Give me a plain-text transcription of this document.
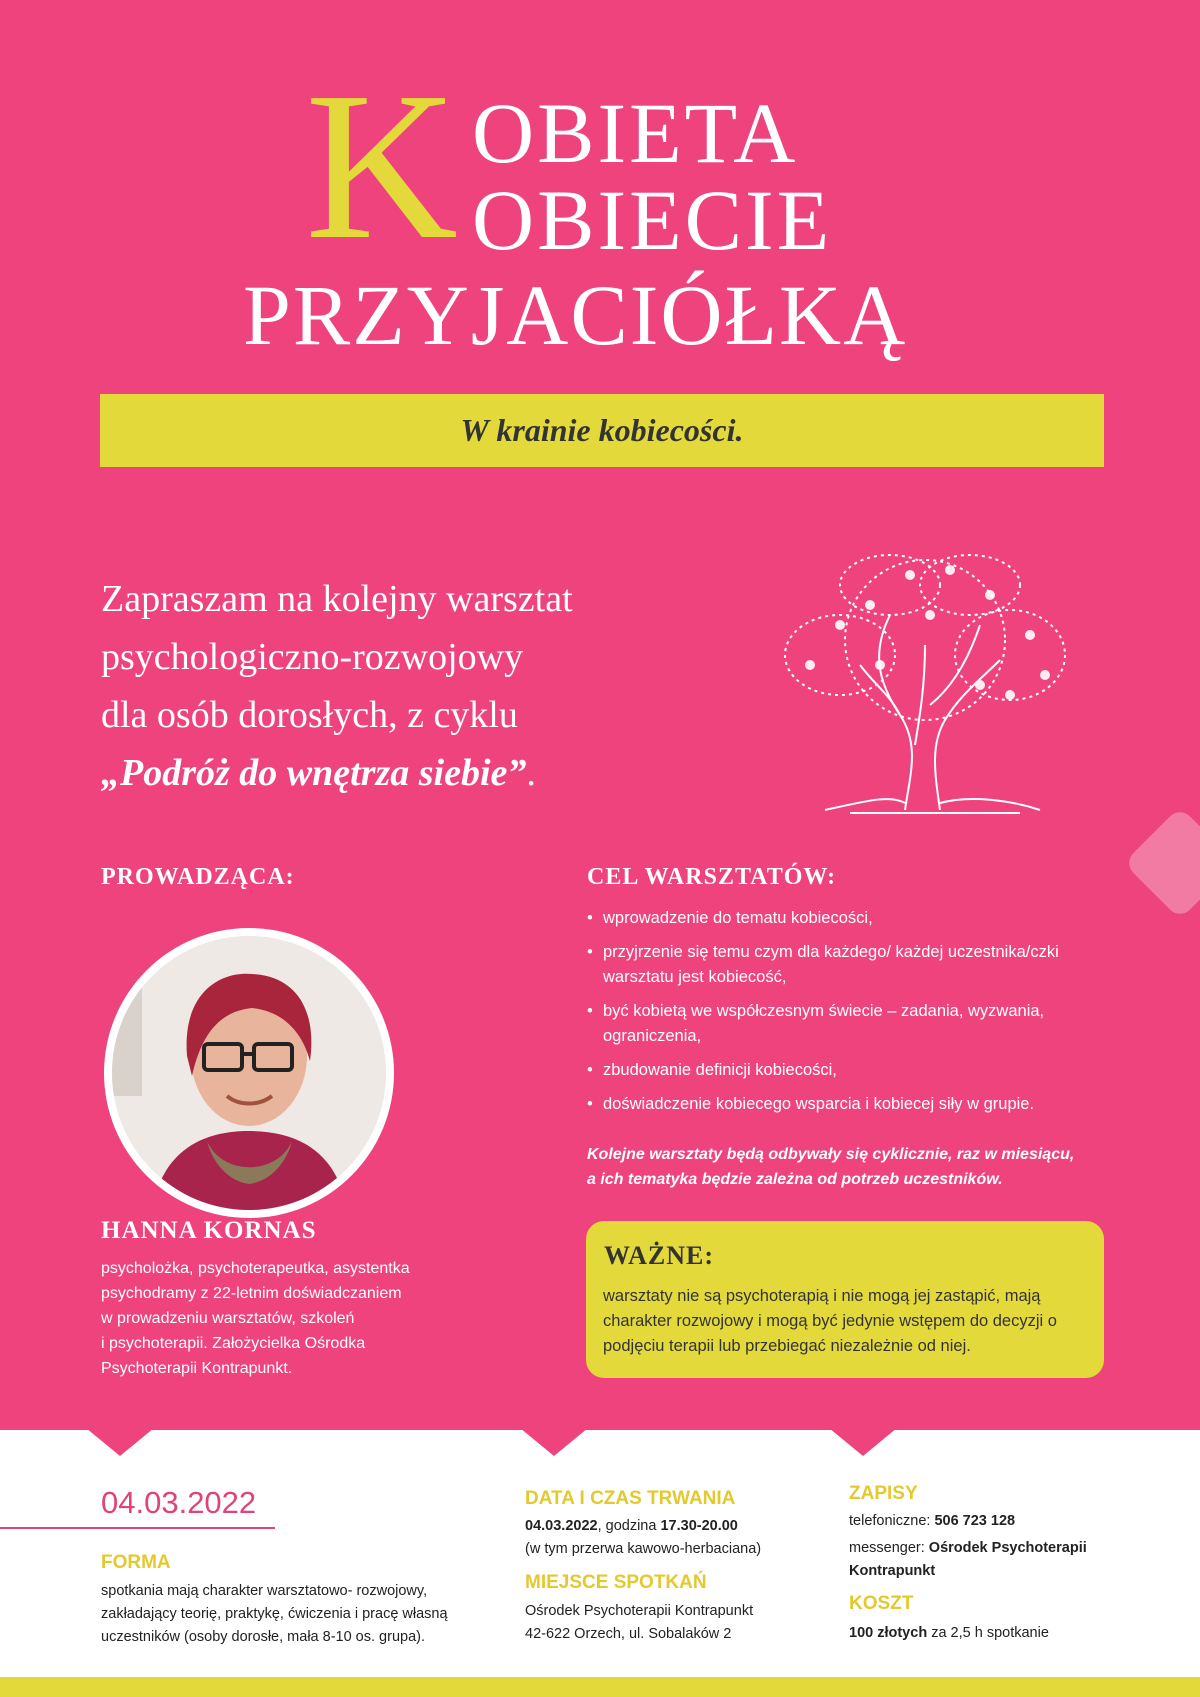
K OBIETA
OBIECIE
PRZYJACIÓŁKĄ
W krainie kobiecości.
Zapraszam na kolejny warsztat
psychologiczno-rozwojowy
dla osób dorosłych, z cyklu
„Podróż do wnętrza siebie”.
PROWADZĄCA:
HANNA KORNAS
psycholożka, psychoterapeutka, asystentka
psychodramy z 22-letnim doświadczaniem
w prowadzeniu warsztatów, szkoleń
i psychoterapii. Założycielka Ośrodka
Psychoterapii Kontrapunkt.
CEL WARSZTATÓW:
• wprowadzenie do tematu kobiecości,
• przyjrzenie się temu czym dla każdego/ każdej uczestnika/czki warsztatu jest kobiecość,
• być kobietą we współczesnym świecie – zadania, wyzwania, ograniczenia,
• zbudowanie definicji kobiecości,
• doświadczenie kobiecego wsparcia i kobiecej siły w grupie.
Kolejne warsztaty będą odbywały się cyklicznie, raz w miesiącu,
a ich tematyka będzie zależna od potrzeb uczestników.
WAŻNE:
warsztaty nie są psychoterapią i nie mogą jej zastąpić, mają charakter rozwojowy i mogą być jedynie wstępem do decyzji o podjęciu terapii lub przebiegać niezależnie od niej.
04.03.2022
FORMA
spotkania mają charakter warsztatowo- rozwojowy,
zakładający teorię, praktykę, ćwiczenia i pracę własną
uczestników (osoby dorosłe, mała 8-10 os. grupa).
DATA I CZAS TRWANIA
04.03.2022, godzina 17.30-20.00
(w tym przerwa kawowo-herbaciana)
MIEJSCE SPOTKAŃ
Ośrodek Psychoterapii Kontrapunkt
42-622 Orzech, ul. Sobalaków 2
ZAPISY
telefoniczne: 506 723 128
messenger: Ośrodek Psychoterapii
Kontrapunkt
KOSZT
100 złotych za 2,5 h spotkanie
